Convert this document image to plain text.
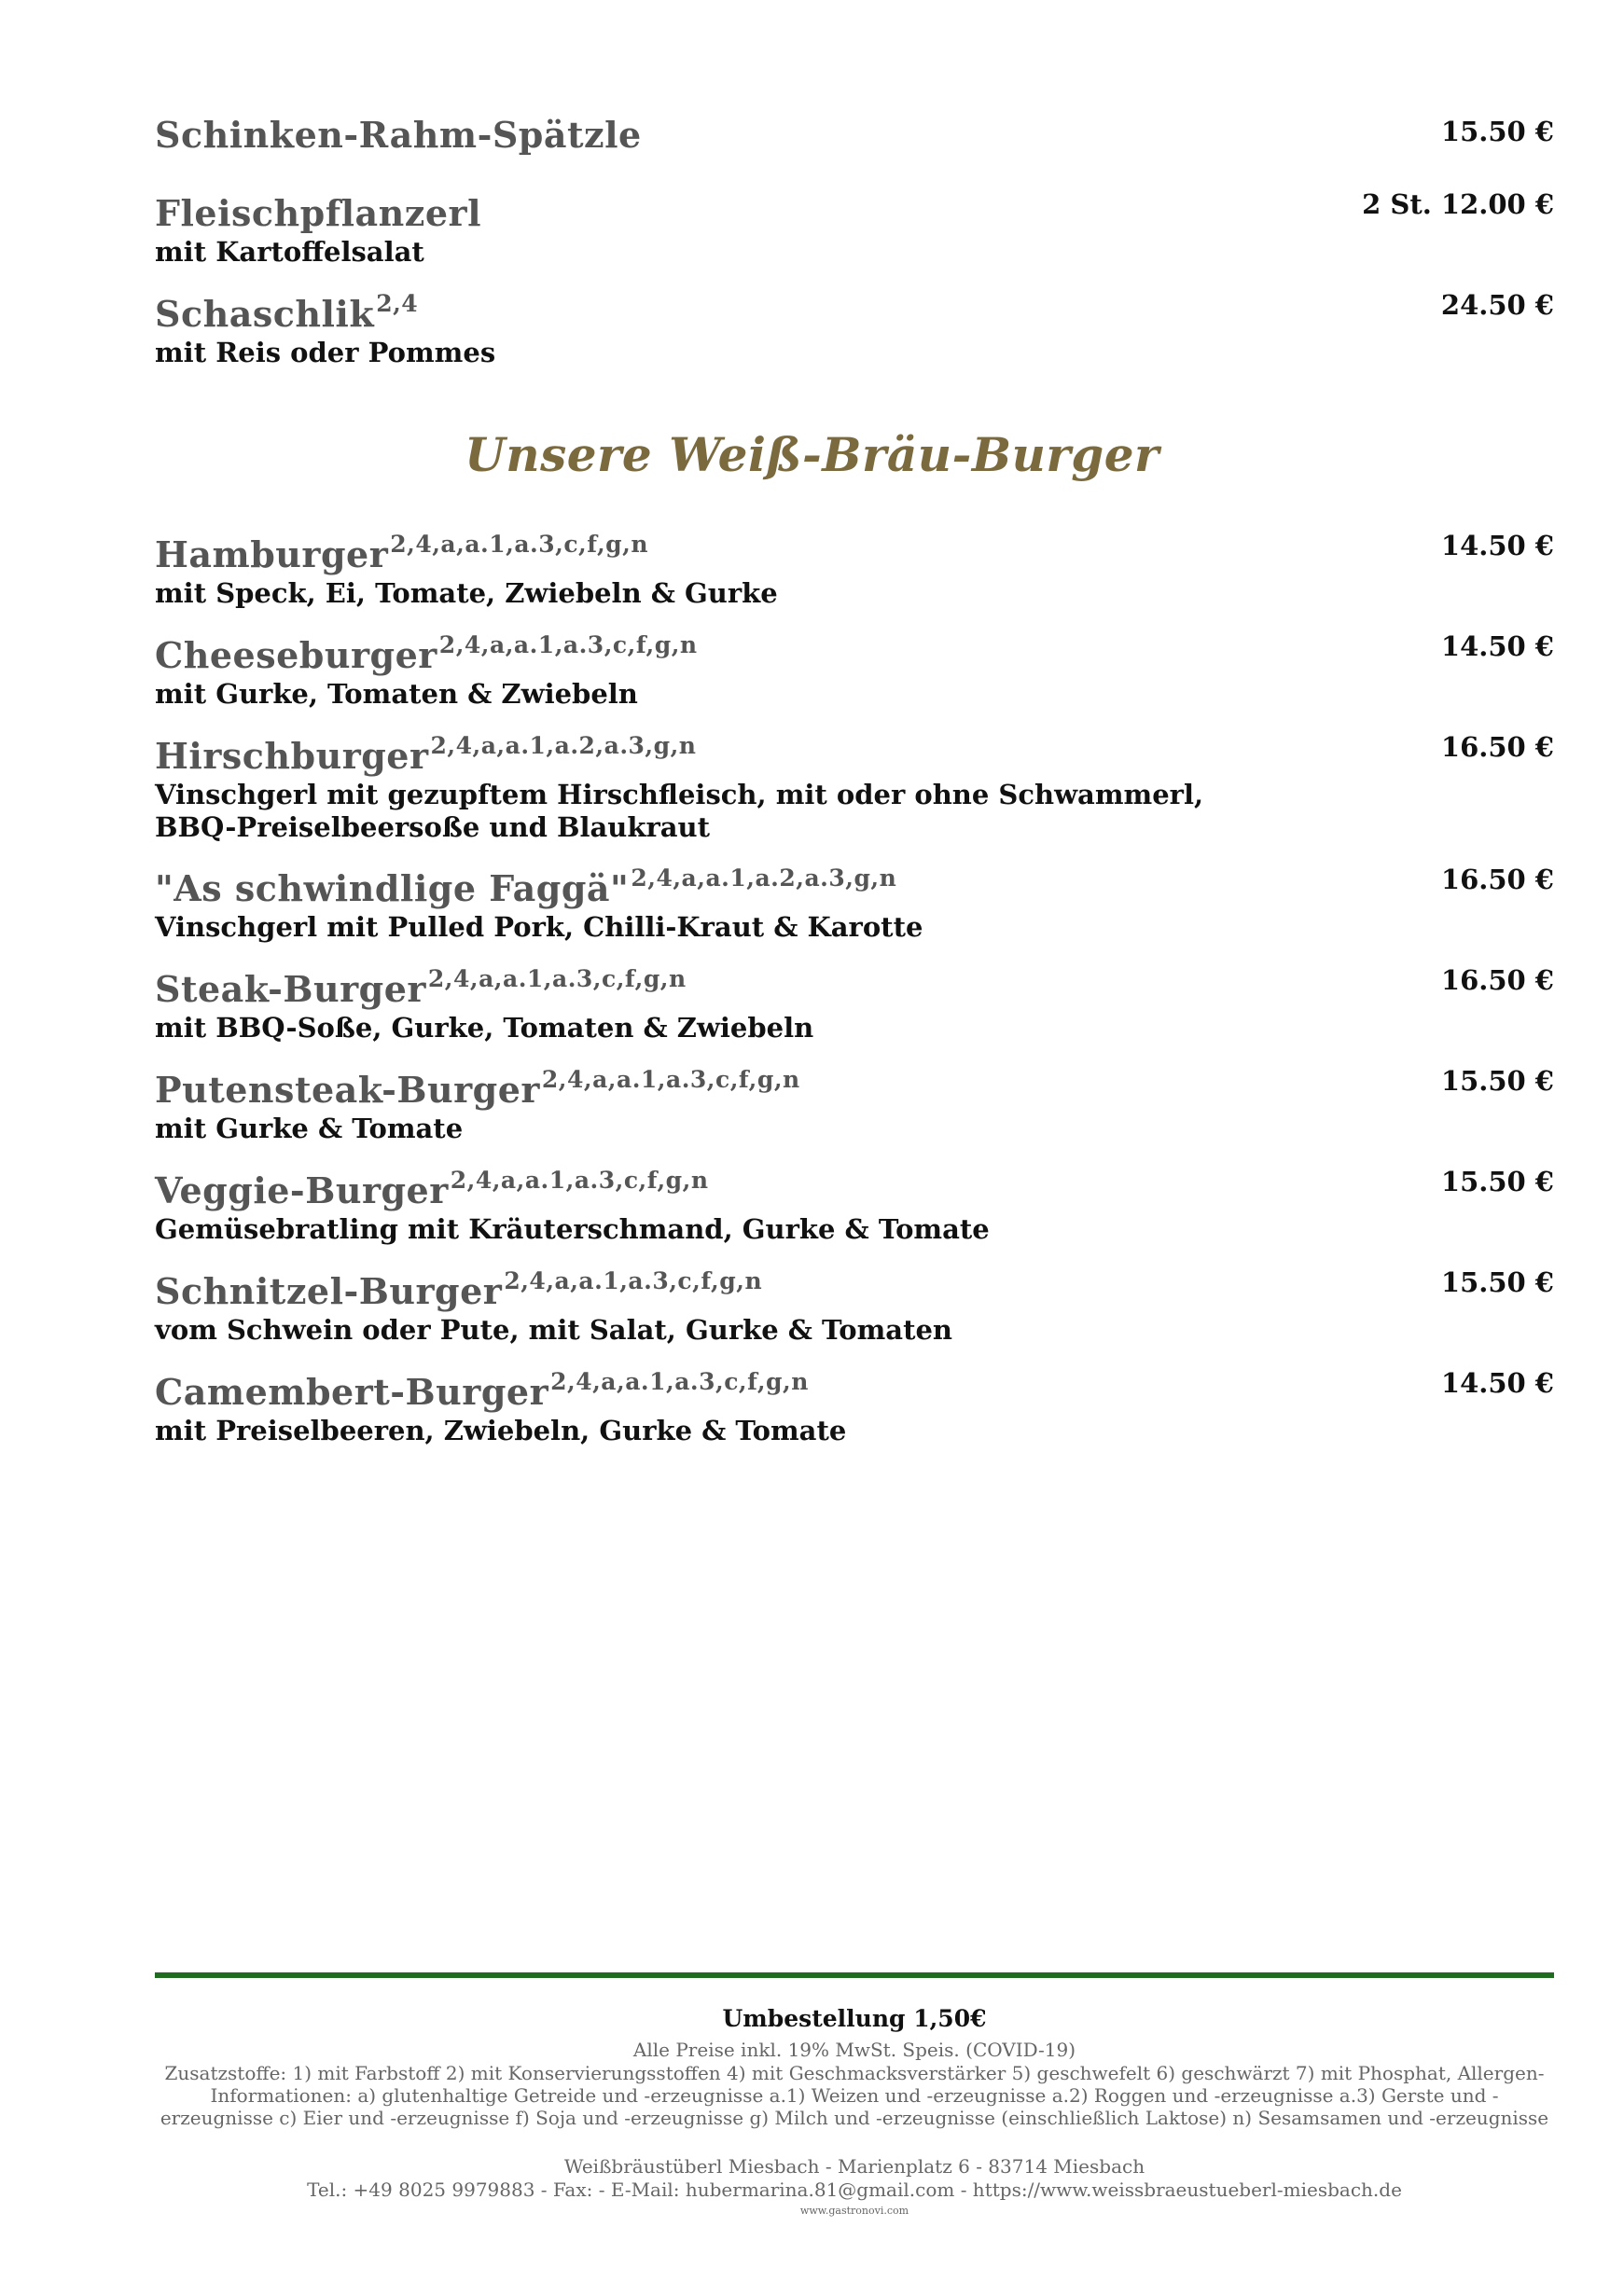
Schinken-Rahm-Spätzle	15.50 €
Fleischpflanzerl
mit Kartoffelsalat
2 St. 12.00 €
Schaschlik$^{2,4}$
mit Reis oder Pommes
24.50 €
Unsere Weiß-Bräu-Burger
Hamburger$^{2,4,a,a.1,a.3,c,f,g,n}$
mit Speck, Ei, Tomate, Zwiebeln & Gurke
14.50 €
Cheeseburger$^{2,4,a,a.1,a.3,c,f,g,n}$
mit Gurke, Tomaten & Zwiebeln
14.50 €
Hirschburger$^{2,4,a,a.1,a.2,a.3,g,n}$
Vinschgerl mit gezupftem Hirschfleisch, mit oder ohne Schwammerl, BBQ-Preiselbeersoße und Blaukraut
16.50 €
"As schwindlige Faggä"$^{2,4,a,a.1,a.2,a.3,g,n}$
Vinschgerl mit Pulled Pork, Chilli-Kraut & Karotte
16.50 €
Steak-Burger$^{2,4,a,a.1,a.3,c,f,g,n}$
mit BBQ-Soße, Gurke, Tomaten & Zwiebeln
16.50 €
Putensteak-Burger$^{2,4,a,a.1,a.3,c,f,g,n}$
mit Gurke & Tomate
15.50 €
Veggie-Burger$^{2,4,a,a.1,a.3,c,f,g,n}$
Gemüsebratling mit Kräuterschmand, Gurke & Tomate
15.50 €
Schnitzel-Burger$^{2,4,a,a.1,a.3,c,f,g,n}$
vom Schwein oder Pute, mit Salat, Gurke & Tomaten
15.50 €
Camembert-Burger$^{2,4,a,a.1,a.3,c,f,g,n}$
mit Preiselbeeren, Zwiebeln, Gurke & Tomate
14.50 €
Umbestellung 1,50€
Alle Preise inkl. 19% MwSt. Speis. (COVID-19)
Zusatzstoffe: 1) mit Farbstoff 2) mit Konservierungsstoffen 4) mit Geschmacksverstärker 5) geschwefelt 6) geschwärzt 7) mit Phosphat, Allergen-Informationen: a) glutenhaltige Getreide und -erzeugnisse a.1) Weizen und -erzeugnisse a.2) Roggen und -erzeugnisse a.3) Gerste und -erzeugnisse c) Eier und -erzeugnisse f) Soja und -erzeugnisse g) Milch und -erzeugnisse (einschließlich Laktose) n) Sesamsamen und -erzeugnisse
Weißbräustüberl Miesbach - Marienplatz 6 - 83714 Miesbach
Tel.: +49 8025 9979883 - Fax: - E-Mail: hubermarina.81@gmail.com - https://www.weissbraeustueberl-miesbach.de
www.gastronovi.com
